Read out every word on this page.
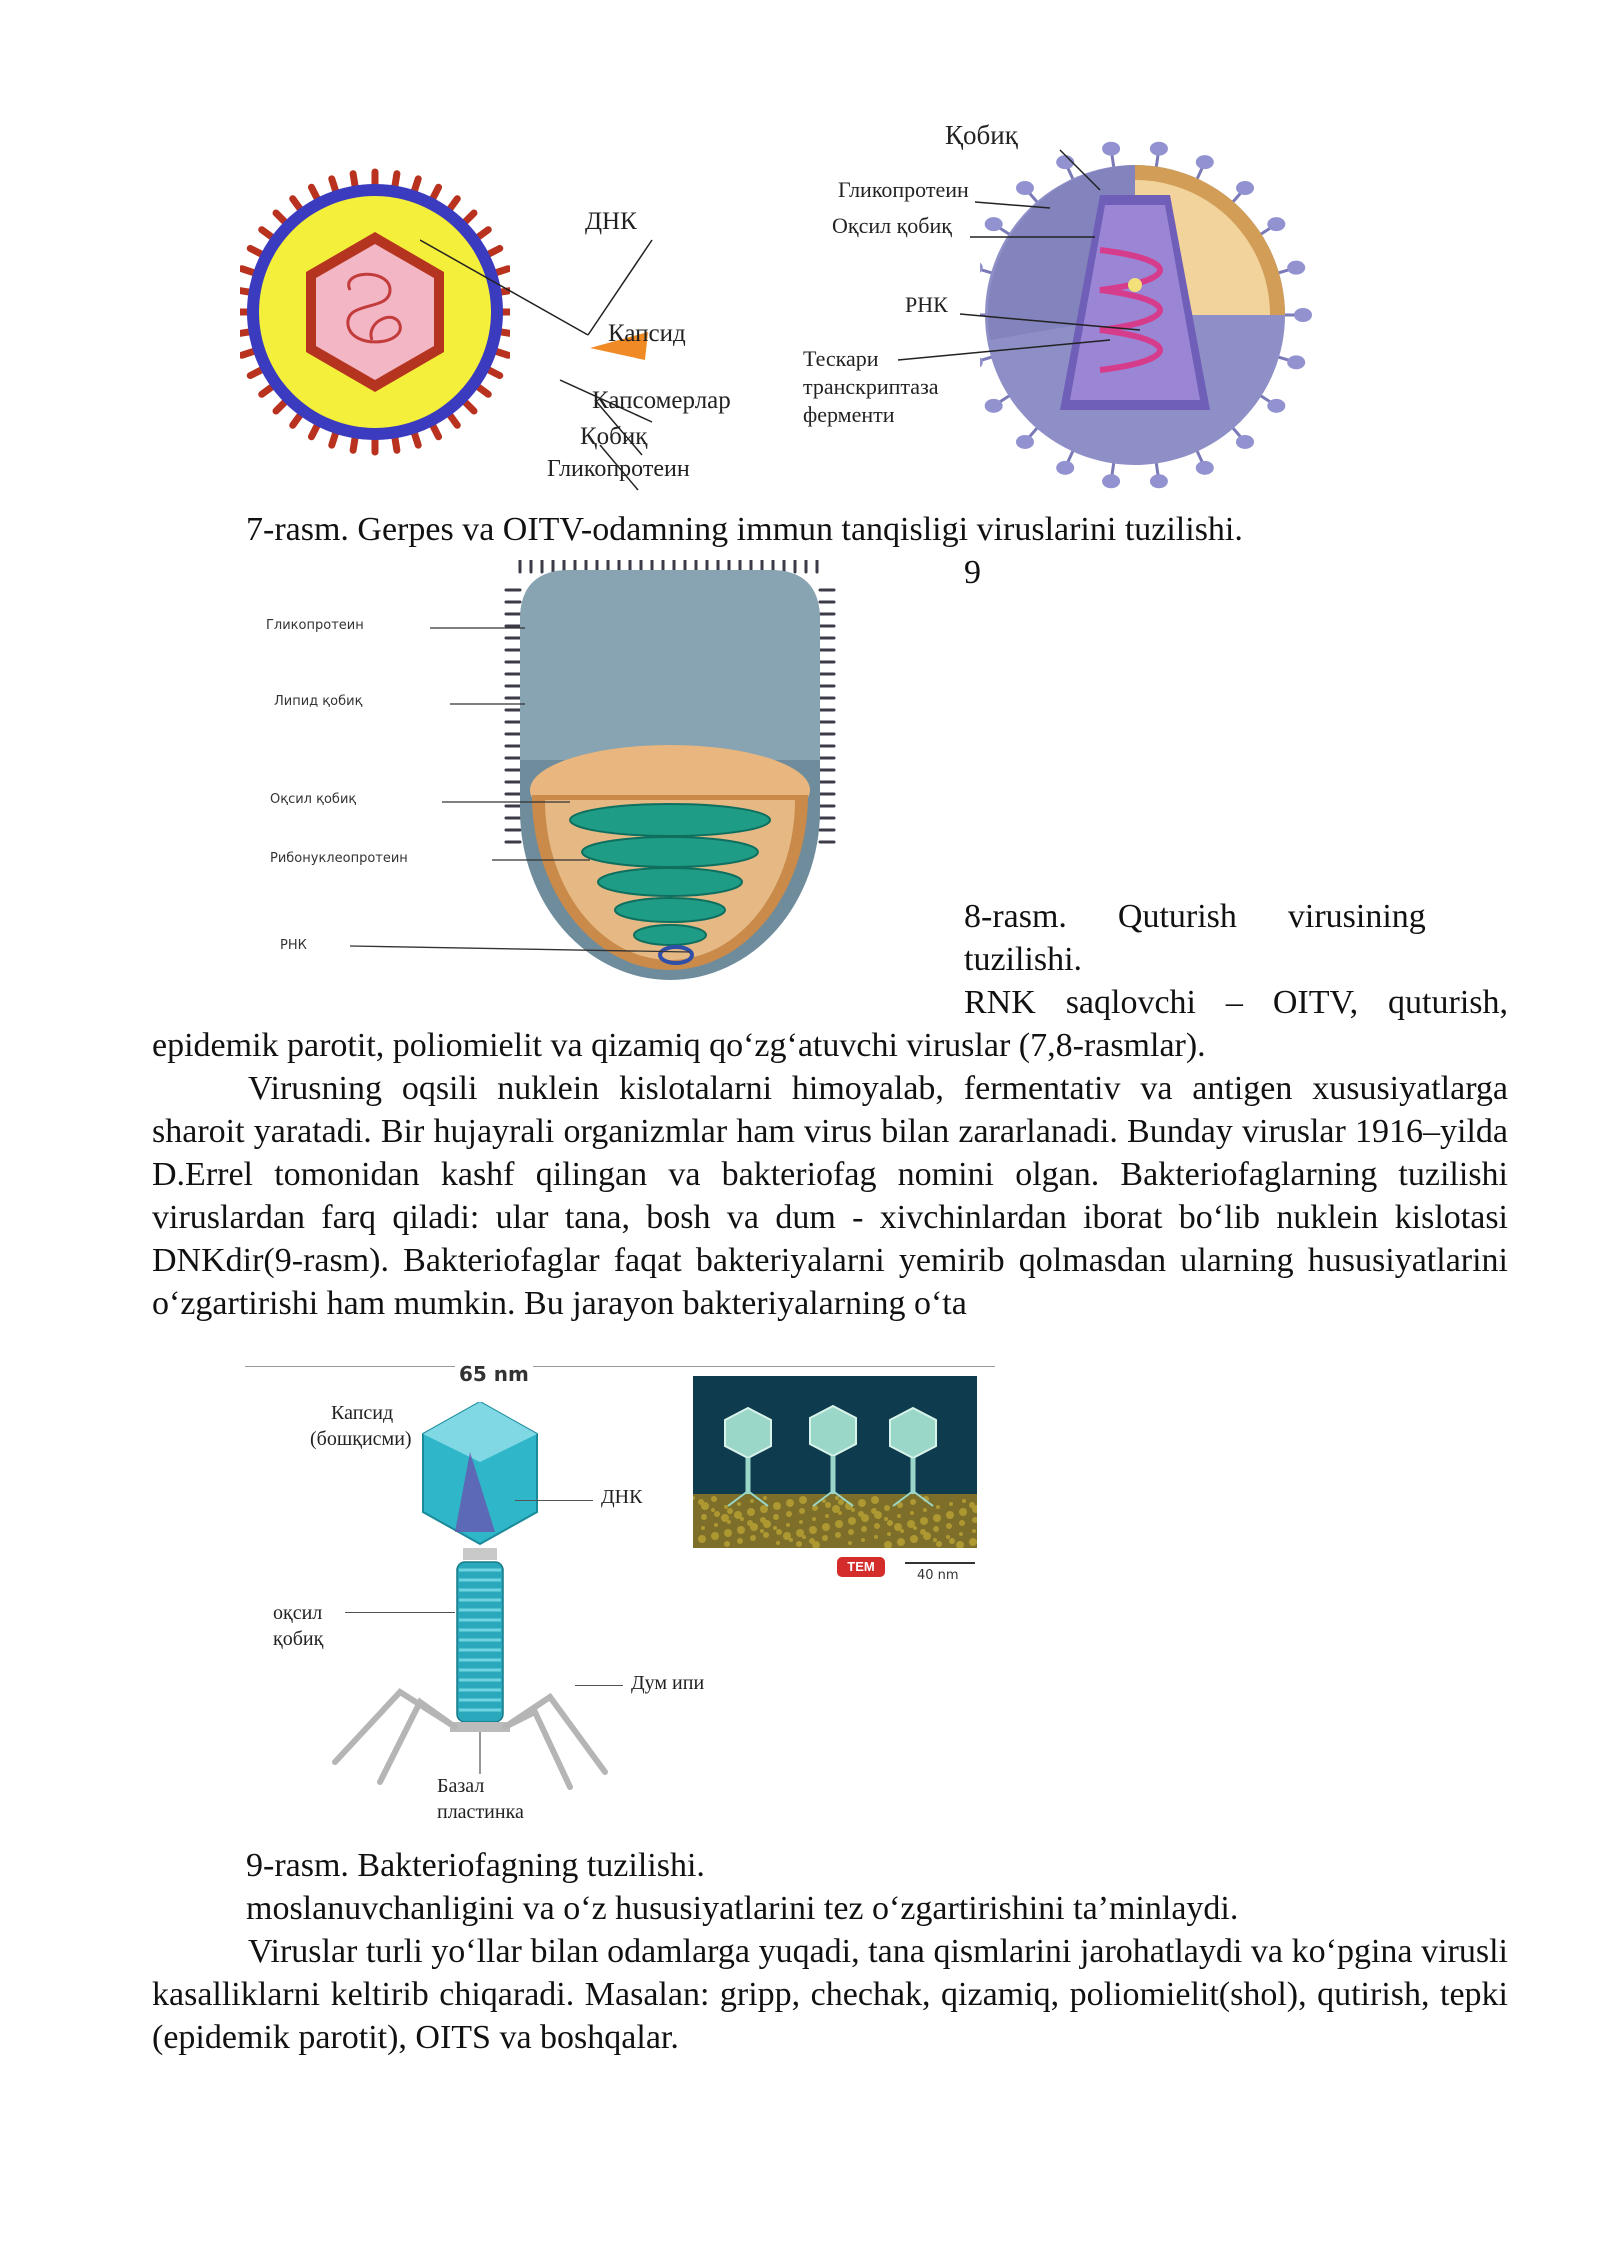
ДНК
Капсид
Капсомерлар
Қобиқ
Гликопротеин
Қобиқ
Гликопротеин
Оқсил қобиқ
РНК
Тескари
транскриптаза
ферменти
7-rasm. Gerpes va OITV-odamning immun tanqisligi viruslarini tuzilishi.
9
Гликопротеин
Липид қобиқ
Оқсил қобиқ
Рибонуклеопротеин
РНК
8-rasm.      Quturish      virusining
tuzilishi.
RNK saqlovchi – OITV, quturish,
epidemik parotit, poliomielit va qizamiq qo‘zg‘atuvchi viruslar (7,8-rasmlar).
Virusning oqsili nuklein kislotalarni himoyalab, fermentativ va antigen xususiyatlarga sharoit yaratadi. Bir hujayrali organizmlar ham virus bilan zararlanadi. Bunday viruslar 1916–yilda D.Errel tomonidan kashf qilingan va bakteriofag nomini olgan. Bakteriofaglarning tuzilishi viruslardan farq qiladi: ular tana, bosh va dum - xivchinlardan iborat bo‘lib nuklein kislotasi DNKdir(9-rasm). Bakteriofaglar faqat bakteriyalarni yemirib qolmasdan ularning hususiyatlarini o‘zgartirishi ham mumkin. Bu jarayon bakteriyalarning o‘ta
65 nm
Капсид
(бошқисми)
ДНК
оқсил
қобиқ
Дум ипи
Базал
пластинка
TEM
40 nm
9-rasm. Bakteriofagning tuzilishi.
moslanuvchanligini va o‘z hususiyatlarini tez o‘zgartirishini ta’minlaydi.
Viruslar turli yo‘llar bilan odamlarga yuqadi, tana qismlarini jarohatlaydi va ko‘pgina virusli kasalliklarni keltirib chiqaradi. Masalan: gripp, chechak, qizamiq, poliomielit(shol), qutirish, tepki (epidemik parotit), OITS va boshqalar.
